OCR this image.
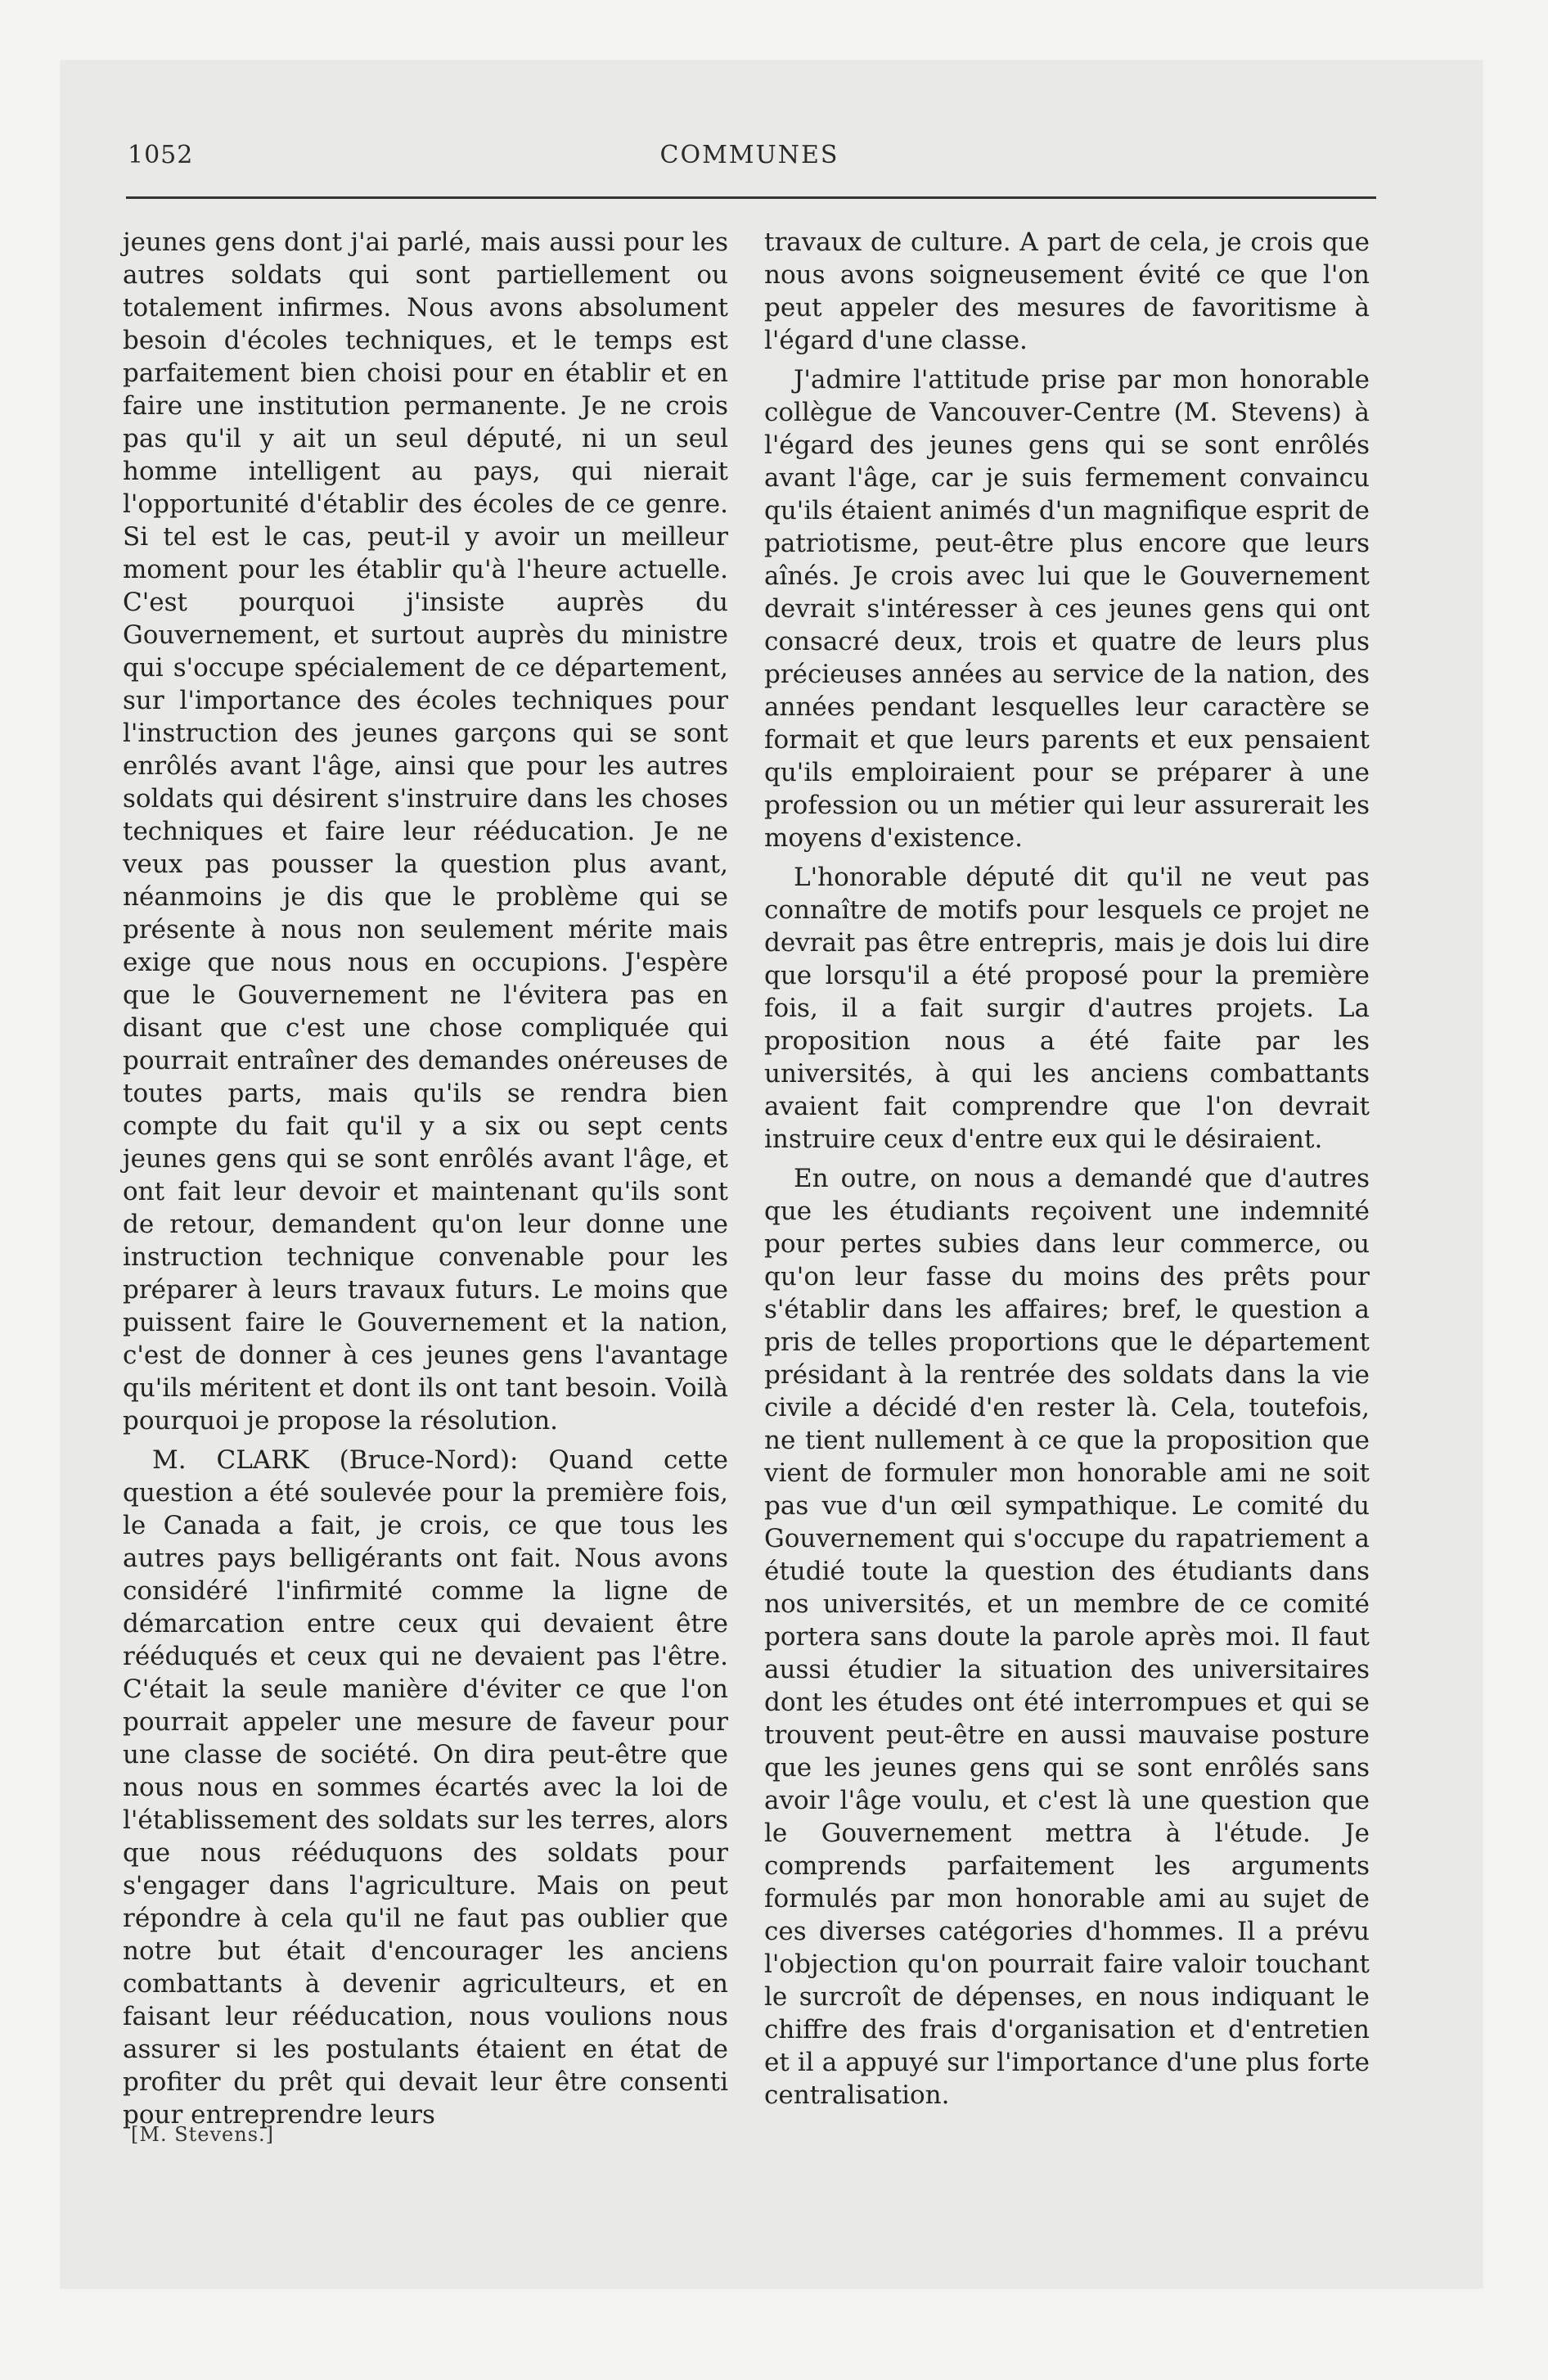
1052	COMMUNES

jeunes gens dont j'ai parlé, mais aussi pour les autres soldats qui sont partiellement ou totalement infirmes. Nous avons absolument besoin d'écoles techniques, et le temps est parfaitement bien choisi pour en établir et en faire une institution permanente. Je ne crois pas qu'il y ait un seul député, ni un seul homme intelligent au pays, qui nierait l'opportunité d'établir des écoles de ce genre. Si tel est le cas, peut-il y avoir un meilleur moment pour les établir qu'à l'heure actuelle. C'est pourquoi j'insiste auprès du Gouvernement, et surtout auprès du ministre qui s'occupe spécialement de ce département, sur l'importance des écoles techniques pour l'instruction des jeunes garçons qui se sont enrôlés avant l'âge, ainsi que pour les autres soldats qui désirent s'instruire dans les choses techniques et faire leur rééducation. Je ne veux pas pousser la question plus avant, néanmoins je dis que le problème qui se présente à nous non seulement mérite mais exige que nous nous en occupions. J'espère que le Gouvernement ne l'évitera pas en disant que c'est une chose compliquée qui pourrait entraîner des demandes onéreuses de toutes parts, mais qu'ils se rendra bien compte du fait qu'il y a six ou sept cents jeunes gens qui se sont enrôlés avant l'âge, et ont fait leur devoir et maintenant qu'ils sont de retour, demandent qu'on leur donne une instruction technique convenable pour les préparer à leurs travaux futurs. Le moins que puissent faire le Gouvernement et la nation, c'est de donner à ces jeunes gens l'avantage qu'ils méritent et dont ils ont tant besoin. Voilà pourquoi je propose la résolution.

M. CLARK (Bruce-Nord): Quand cette question a été soulevée pour la première fois, le Canada a fait, je crois, ce que tous les autres pays belligérants ont fait. Nous avons considéré l'infirmité comme la ligne de démarcation entre ceux qui devaient être rééduqués et ceux qui ne devaient pas l'être. C'était la seule manière d'éviter ce que l'on pourrait appeler une mesure de faveur pour une classe de société. On dira peut-être que nous nous en sommes écartés avec la loi de l'établissement des soldats sur les terres, alors que nous rééduquons des soldats pour s'engager dans l'agriculture. Mais on peut répondre à cela qu'il ne faut pas oublier que notre but était d'encourager les anciens combattants à devenir agriculteurs, et en faisant leur rééducation, nous voulions nous assurer si les postulants étaient en état de profiter du prêt qui devait leur être consenti pour entreprendre leurs

travaux de culture. A part de cela, je crois que nous avons soigneusement évité ce que l'on peut appeler des mesures de favoritisme à l'égard d'une classe.

J'admire l'attitude prise par mon honorable collègue de Vancouver-Centre (M. Stevens) à l'égard des jeunes gens qui se sont enrôlés avant l'âge, car je suis fermement convaincu qu'ils étaient animés d'un magnifique esprit de patriotisme, peut-être plus encore que leurs aînés. Je crois avec lui que le Gouvernement devrait s'intéresser à ces jeunes gens qui ont consacré deux, trois et quatre de leurs plus précieuses années au service de la nation, des années pendant lesquelles leur caractère se formait et que leurs parents et eux pensaient qu'ils emploiraient pour se préparer à une profession ou un métier qui leur assurerait les moyens d'existence.

L'honorable député dit qu'il ne veut pas connaître de motifs pour lesquels ce projet ne devrait pas être entrepris, mais je dois lui dire que lorsqu'il a été proposé pour la première fois, il a fait surgir d'autres projets. La proposition nous a été faite par les universités, à qui les anciens combattants avaient fait comprendre que l'on devrait instruire ceux d'entre eux qui le désiraient.

En outre, on nous a demandé que d'autres que les étudiants reçoivent une indemnité pour pertes subies dans leur commerce, ou qu'on leur fasse du moins des prêts pour s'établir dans les affaires; bref, le question a pris de telles proportions que le département présidant à la rentrée des soldats dans la vie civile a décidé d'en rester là. Cela, toutefois, ne tient nullement à ce que la proposition que vient de formuler mon honorable ami ne soit pas vue d'un œil sympathique. Le comité du Gouvernement qui s'occupe du rapatriement a étudié toute la question des étudiants dans nos universités, et un membre de ce comité portera sans doute la parole après moi. Il faut aussi étudier la situation des universitaires dont les études ont été interrompues et qui se trouvent peut-être en aussi mauvaise posture que les jeunes gens qui se sont enrôlés sans avoir l'âge voulu, et c'est là une question que le Gouvernement mettra à l'étude. Je comprends parfaitement les arguments formulés par mon honorable ami au sujet de ces diverses catégories d'hommes. Il a prévu l'objection qu'on pourrait faire valoir touchant le surcroît de dépenses, en nous indiquant le chiffre des frais d'organisation et d'entretien et il a appuyé sur l'importance d'une plus forte centralisation.

[M. Stevens.]
